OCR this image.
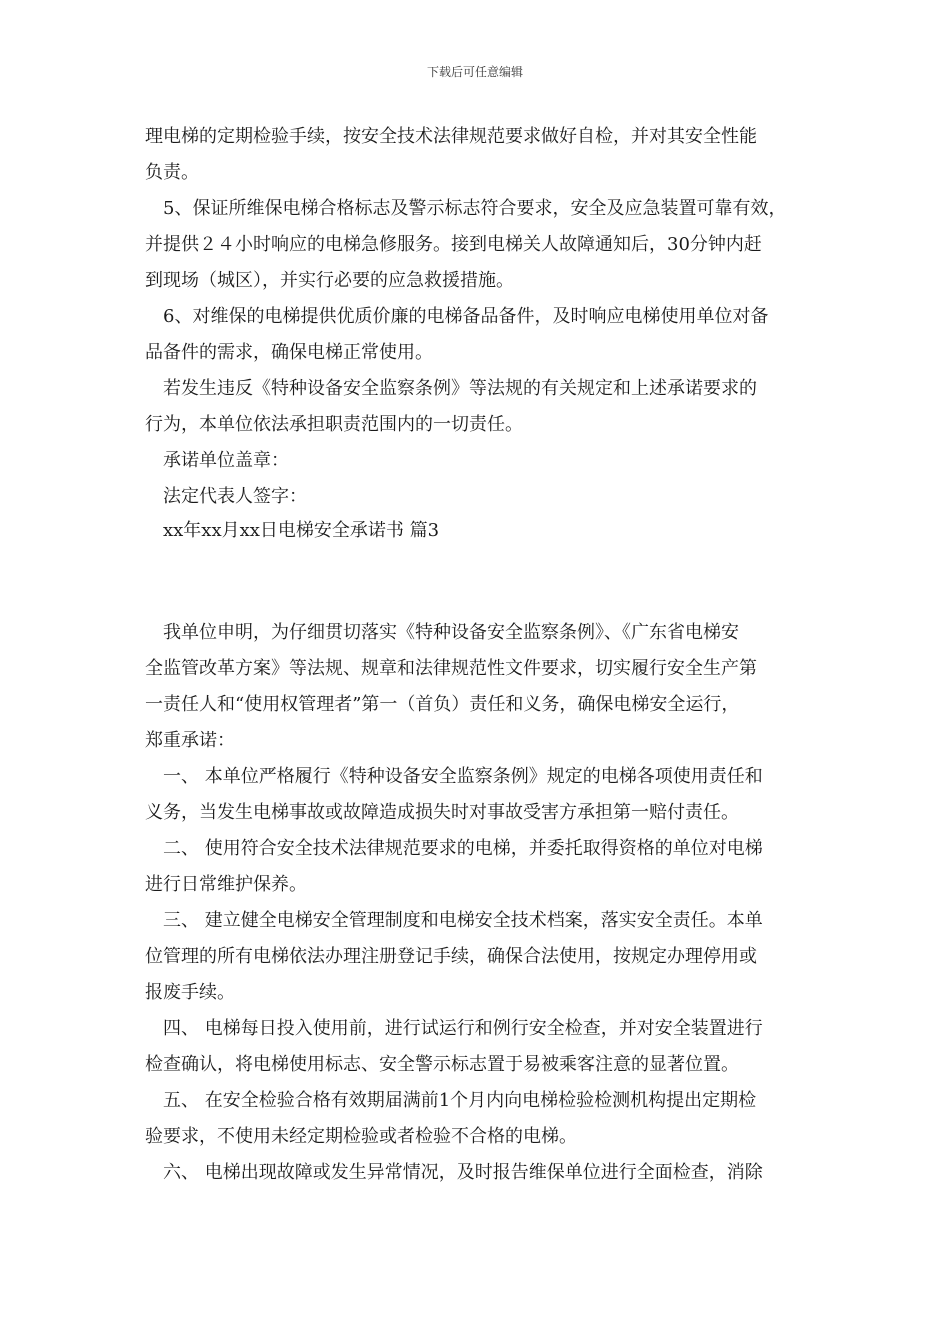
下载后可任意编辑
理电梯的定期检验手续，按安全技术法律规范要求做好自检，并对其安全性能
负责。
5、保证所维保电梯合格标志及警示标志符合要求，安全及应急装置可靠有效，
并提供２４小时响应的电梯急修服务。接到电梯关人故障通知后，30分钟内赶
到现场（城区），并实行必要的应急救援措施。
6、对维保的电梯提供优质价廉的电梯备品备件，及时响应电梯使用单位对备
品备件的需求，确保电梯正常使用。
若发生违反《特种设备安全监察条例》等法规的有关规定和上述承诺要求的
行为，本单位依法承担职责范围内的一切责任。
承诺单位盖章：
法定代表人签字：
xx年xx月xx日电梯安全承诺书 篇3
我单位申明，为仔细贯切落实《特种设备安全监察条例》、《广东省电梯安
全监管改革方案》等法规、规章和法律规范性文件要求，切实履行安全生产第
一责任人和“使用权管理者”第一（首负）责任和义务，确保电梯安全运行，
郑重承诺：
一、 本单位严格履行《特种设备安全监察条例》规定的电梯各项使用责任和
义务，当发生电梯事故或故障造成损失时对事故受害方承担第一赔付责任。
二、 使用符合安全技术法律规范要求的电梯，并委托取得资格的单位对电梯
进行日常维护保养。
三、 建立健全电梯安全管理制度和电梯安全技术档案，落实安全责任。本单
位管理的所有电梯依法办理注册登记手续，确保合法使用，按规定办理停用或
报废手续。
四、 电梯每日投入使用前，进行试运行和例行安全检查，并对安全装置进行
检查确认，将电梯使用标志、安全警示标志置于易被乘客注意的显著位置。
五、 在安全检验合格有效期届满前1个月内向电梯检验检测机构提出定期检
验要求，不使用未经定期检验或者检验不合格的电梯。
六、 电梯出现故障或发生异常情况，及时报告维保单位进行全面检查，消除
